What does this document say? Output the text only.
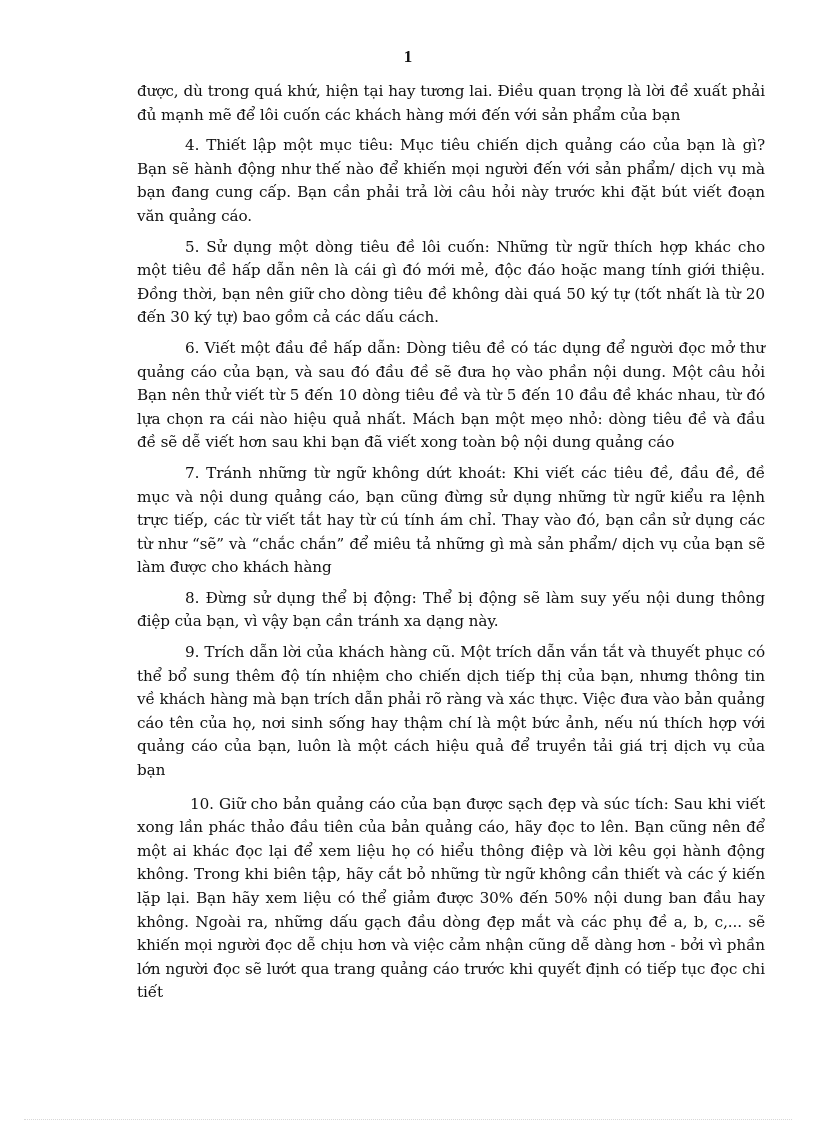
1

được, dù trong quá khứ, hiện tại hay tương lai. Điều quan trọng là lời đề xuất phải đủ mạnh mẽ để lôi cuốn các khách hàng mới đến với sản phẩm của bạn

4. Thiết lập một mục tiêu: Mục tiêu chiến dịch quảng cáo của bạn là gì? Bạn sẽ hành động như thế nào để khiến mọi người đến với sản phẩm/ dịch vụ mà bạn đang cung cấp. Bạn cần phải trả lời câu hỏi này trước khi đặt bút viết đoạn văn quảng cáo.

5. Sử dụng một dòng tiêu đề lôi cuốn: Những từ ngữ thích hợp khác cho một tiêu đề hấp dẫn nên là cái gì đó mới mẻ, độc đáo hoặc mang tính giới thiệu. Đồng thời, bạn nên giữ cho dòng tiêu đề không dài quá 50 ký tự (tốt nhất là từ 20 đến 30 ký tự) bao gồm cả các dấu cách.

6. Viết một đầu đề hấp dẫn: Dòng tiêu đề có tác dụng để người đọc mở thư quảng cáo của bạn, và sau đó đầu đề sẽ đưa họ vào phần nội dung. Một câu hỏi Bạn nên thử viết từ 5 đến 10 dòng tiêu đề và từ 5 đến 10 đầu đề khác nhau, từ đó lựa chọn ra cái nào hiệu quả nhất. Mách bạn một mẹo nhỏ: dòng tiêu đề và đầu đề sẽ dễ viết hơn sau khi bạn đã viết xong toàn bộ nội dung quảng cáo

7. Tránh những từ ngữ không dứt khoát: Khi viết các tiêu đề, đầu đề, đề mục và nội dung quảng cáo, bạn cũng đừng sử dụng những từ ngữ kiểu ra lệnh trực tiếp, các từ viết tắt hay từ cú tính ám chỉ. Thay vào đó, bạn cần sử dụng các từ như “sẽ” và “chắc chắn” để miêu tả những gì mà sản phẩm/ dịch vụ của bạn sẽ làm được cho khách hàng

8. Đừng sử dụng thể bị động: Thể bị động sẽ làm suy yếu nội dung thông điệp của bạn, vì vậy bạn cần tránh xa dạng này.

9. Trích dẫn lời của khách hàng cũ. Một trích dẫn vắn tắt và thuyết phục có thể bổ sung thêm độ tín nhiệm cho chiến dịch tiếp thị của bạn, nhưng thông tin về khách hàng mà bạn trích dẫn phải rõ ràng và xác thực. Việc đưa vào bản quảng cáo tên của họ, nơi sinh sống hay thậm chí là một bức ảnh, nếu nú thích hợp với quảng cáo của bạn, luôn là một cách hiệu quả để truyền tải giá trị dịch vụ của bạn

10. Giữ cho bản quảng cáo của bạn được sạch đẹp và súc tích: Sau khi viết xong lần phác thảo đầu tiên của bản quảng cáo, hãy đọc to lên. Bạn cũng nên để một ai khác đọc lại để xem liệu họ có hiểu thông điệp và lời kêu gọi hành động không. Trong khi biên tập, hãy cắt bỏ những từ ngữ không cần thiết và các ý kiến lặp lại. Bạn hãy xem liệu có thể giảm được 30% đến 50% nội dung ban đầu hay không. Ngoài ra, những dấu gạch đầu dòng đẹp mắt và các phụ đề a, b, c,... sẽ khiến mọi người đọc dễ chịu hơn và việc cảm nhận cũng dễ dàng hơn - bởi vì phần lớn người đọc sẽ lướt qua trang quảng cáo trước khi quyết định có tiếp tục đọc chi tiết
